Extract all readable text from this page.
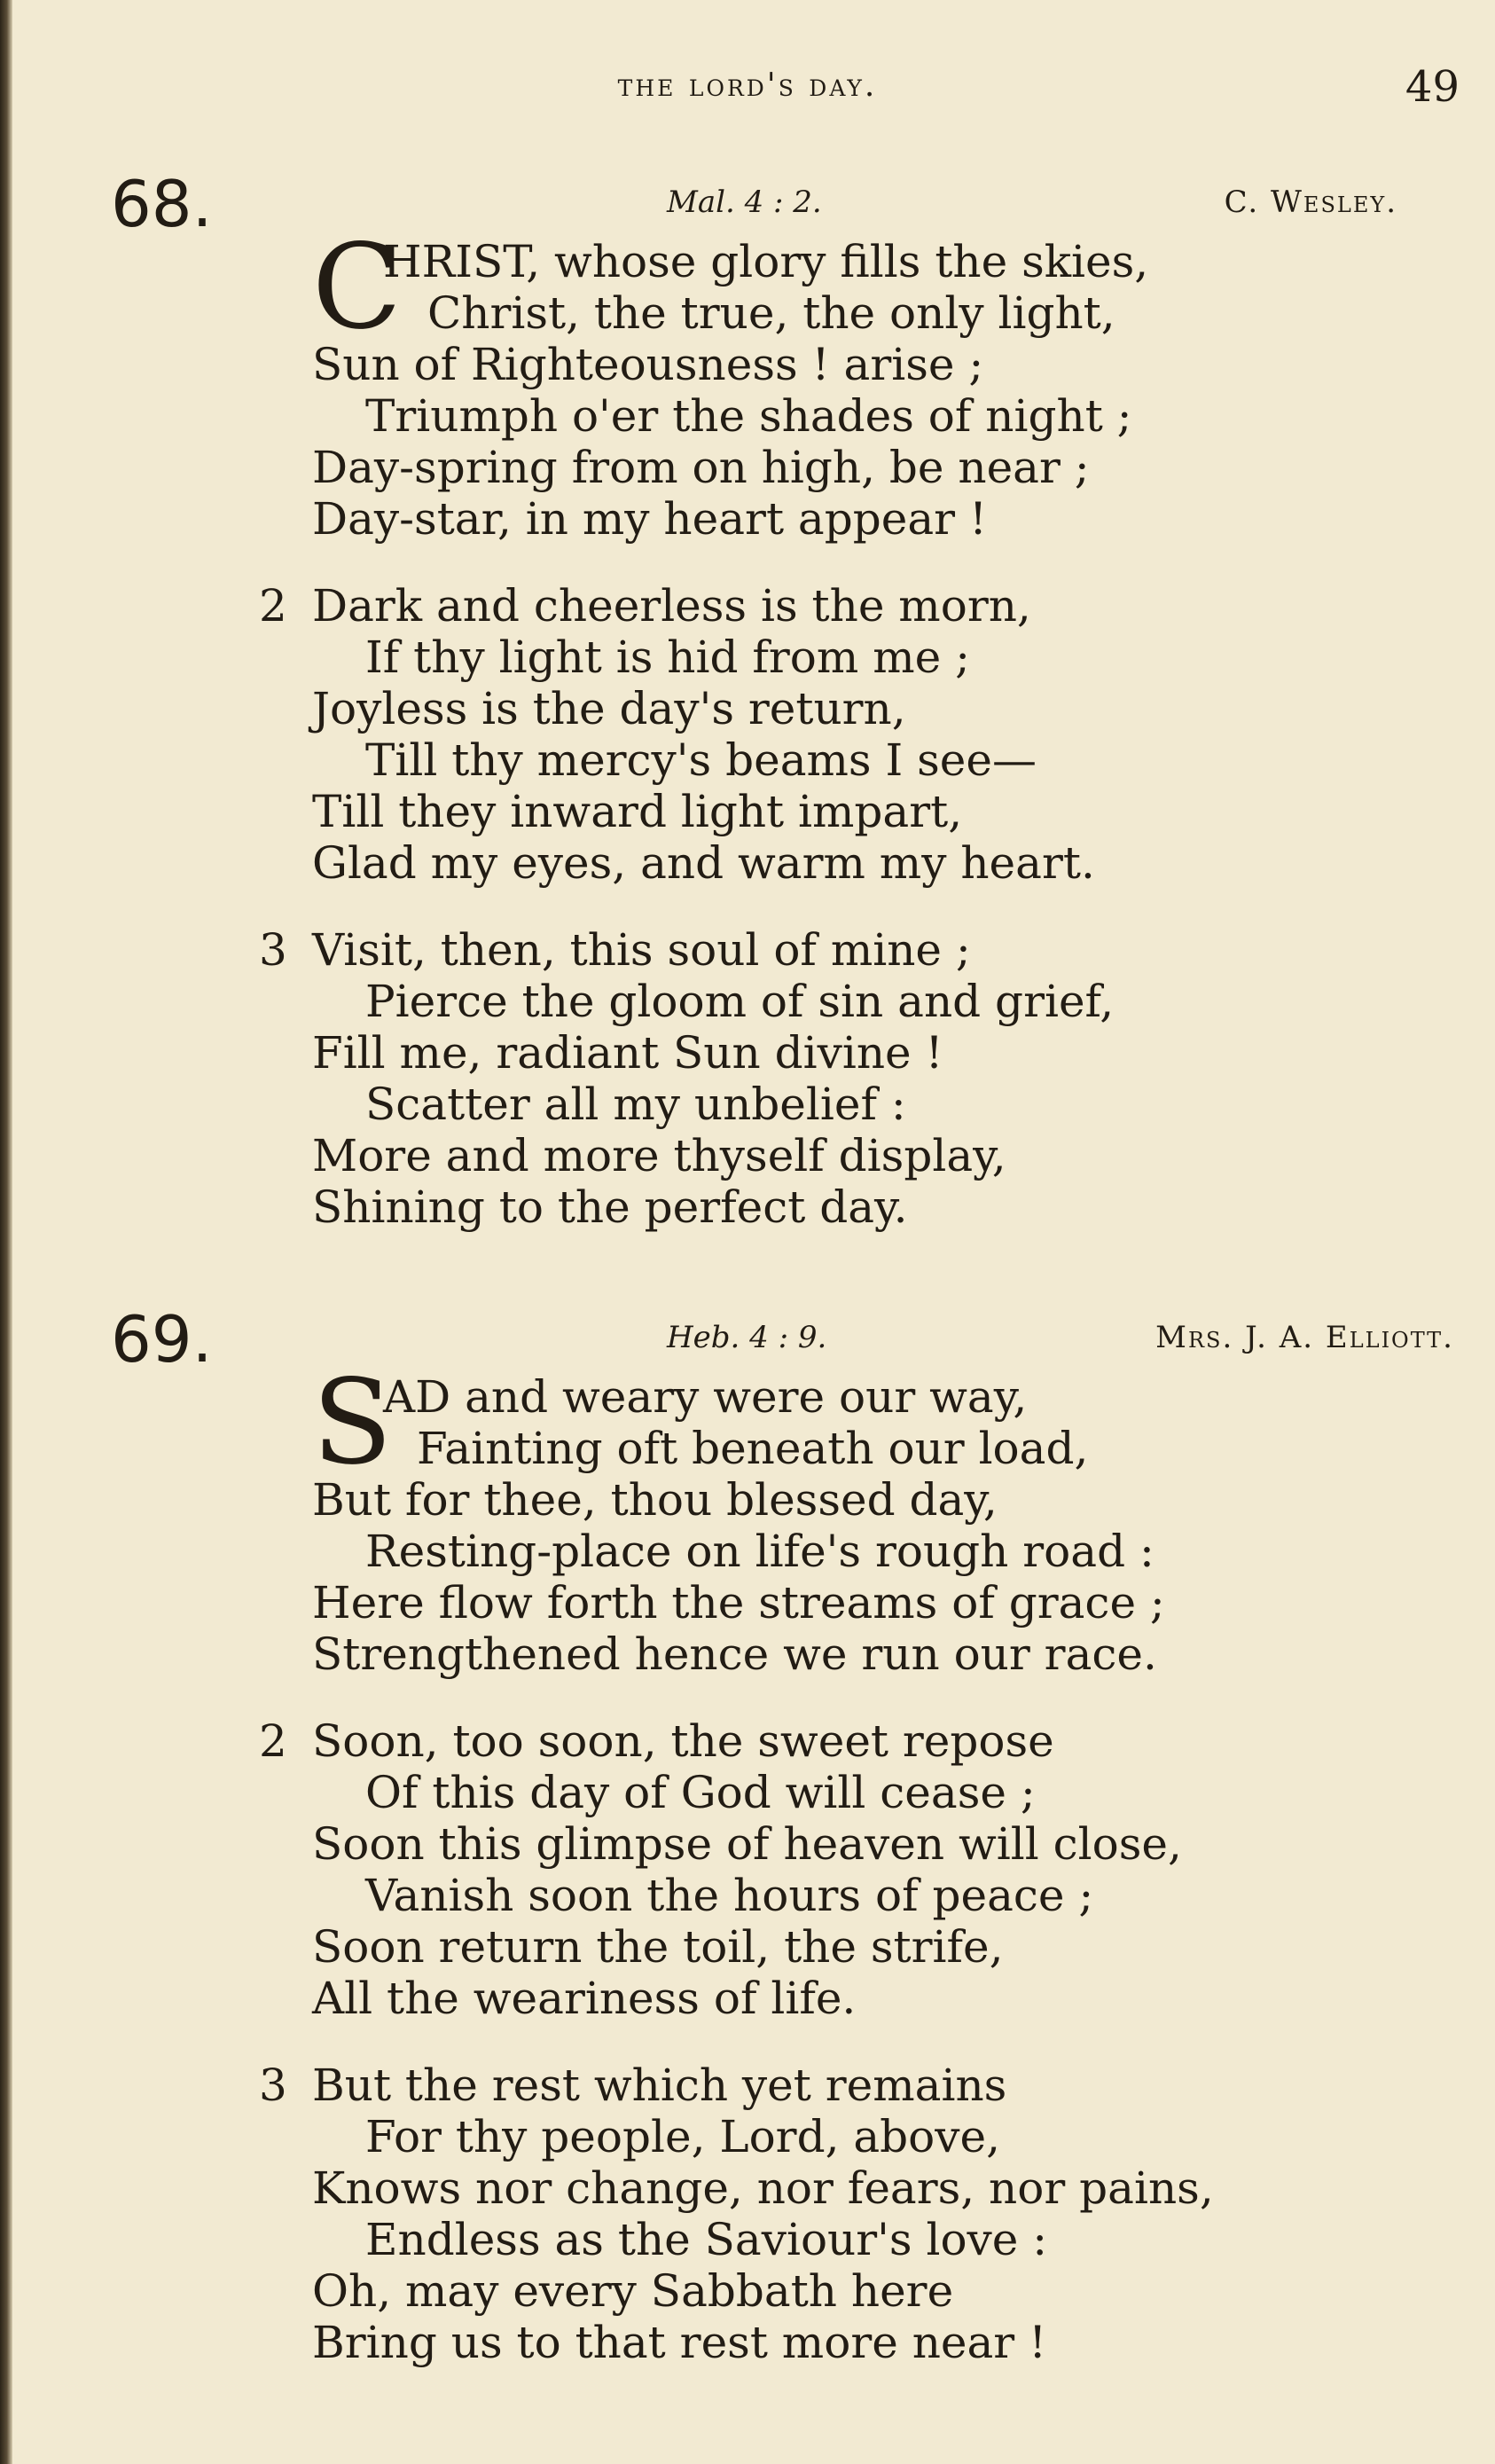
the lord's day.	49
68.	Mal. 4 : 2.	C. Wesley.
C
HRIST, whose glory fills the skies,
Christ, the true, the only light,
Sun of Righteousness ! arise ;
Triumph o'er the shades of night ;
Day-spring from on high, be near ;
Day-star, in my heart appear !
2 Dark and cheerless is the morn,
If thy light is hid from me ;
Joyless is the day's return,
Till thy mercy's beams I see—
Till they inward light impart,
Glad my eyes, and warm my heart.
3 Visit, then, this soul of mine ;
Pierce the gloom of sin and grief,
Fill me, radiant Sun divine !
Scatter all my unbelief :
More and more thyself display,
Shining to the perfect day.
69.	Heb. 4 : 9.	Mrs. J. A. Elliott.
S
AD and weary were our way,
Fainting oft beneath our load,
But for thee, thou blessed day,
Resting-place on life's rough road :
Here flow forth the streams of grace ;
Strengthened hence we run our race.
2 Soon, too soon, the sweet repose
Of this day of God will cease ;
Soon this glimpse of heaven will close,
Vanish soon the hours of peace ;
Soon return the toil, the strife,
All the weariness of life.
3 But the rest which yet remains
For thy people, Lord, above,
Knows nor change, nor fears, nor pains,
Endless as the Saviour's love :
Oh, may every Sabbath here
Bring us to that rest more near !
